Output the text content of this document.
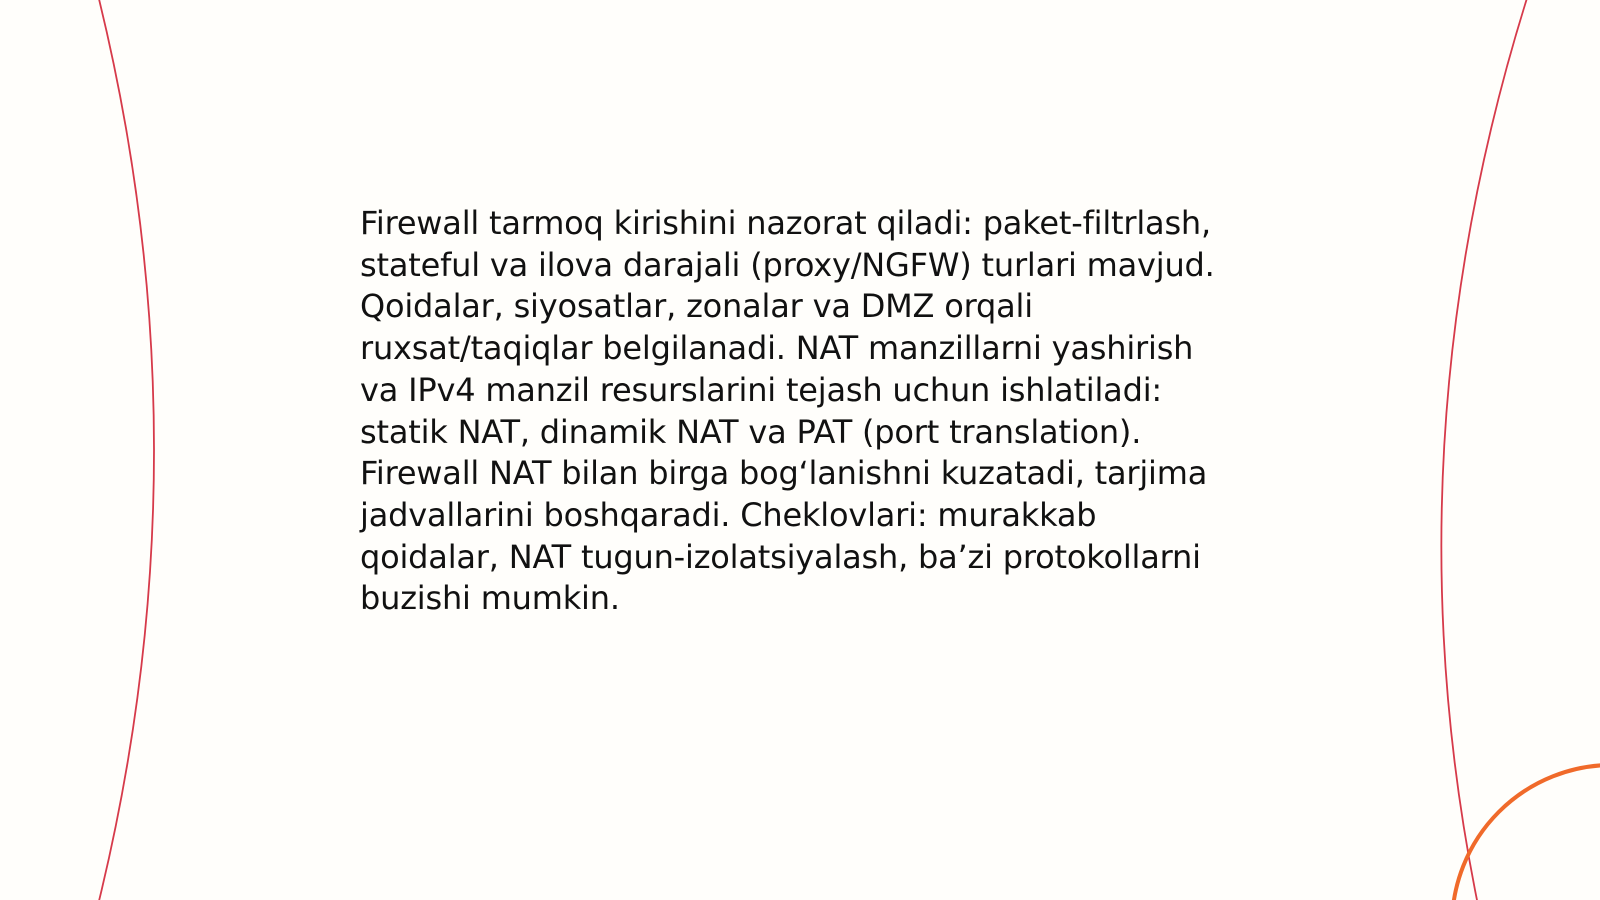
Firewall tarmoq kirishini nazorat qiladi: paket-filtrlash,
stateful va ilova darajali (proxy/NGFW) turlari mavjud.
Qoidalar, siyosatlar, zonalar va DMZ orqali
ruxsat/taqiqlar belgilanadi. NAT manzillarni yashirish
va IPv4 manzil resurslarini tejash uchun ishlatiladi:
statik NAT, dinamik NAT va PAT (port translation).
Firewall NAT bilan birga bogʻlanishni kuzatadi, tarjima
jadvallarini boshqaradi. Cheklovlari: murakkab
qoidalar, NAT tugun-izolatsiyalash, baʼzi protokollarni
buzishi mumkin.
